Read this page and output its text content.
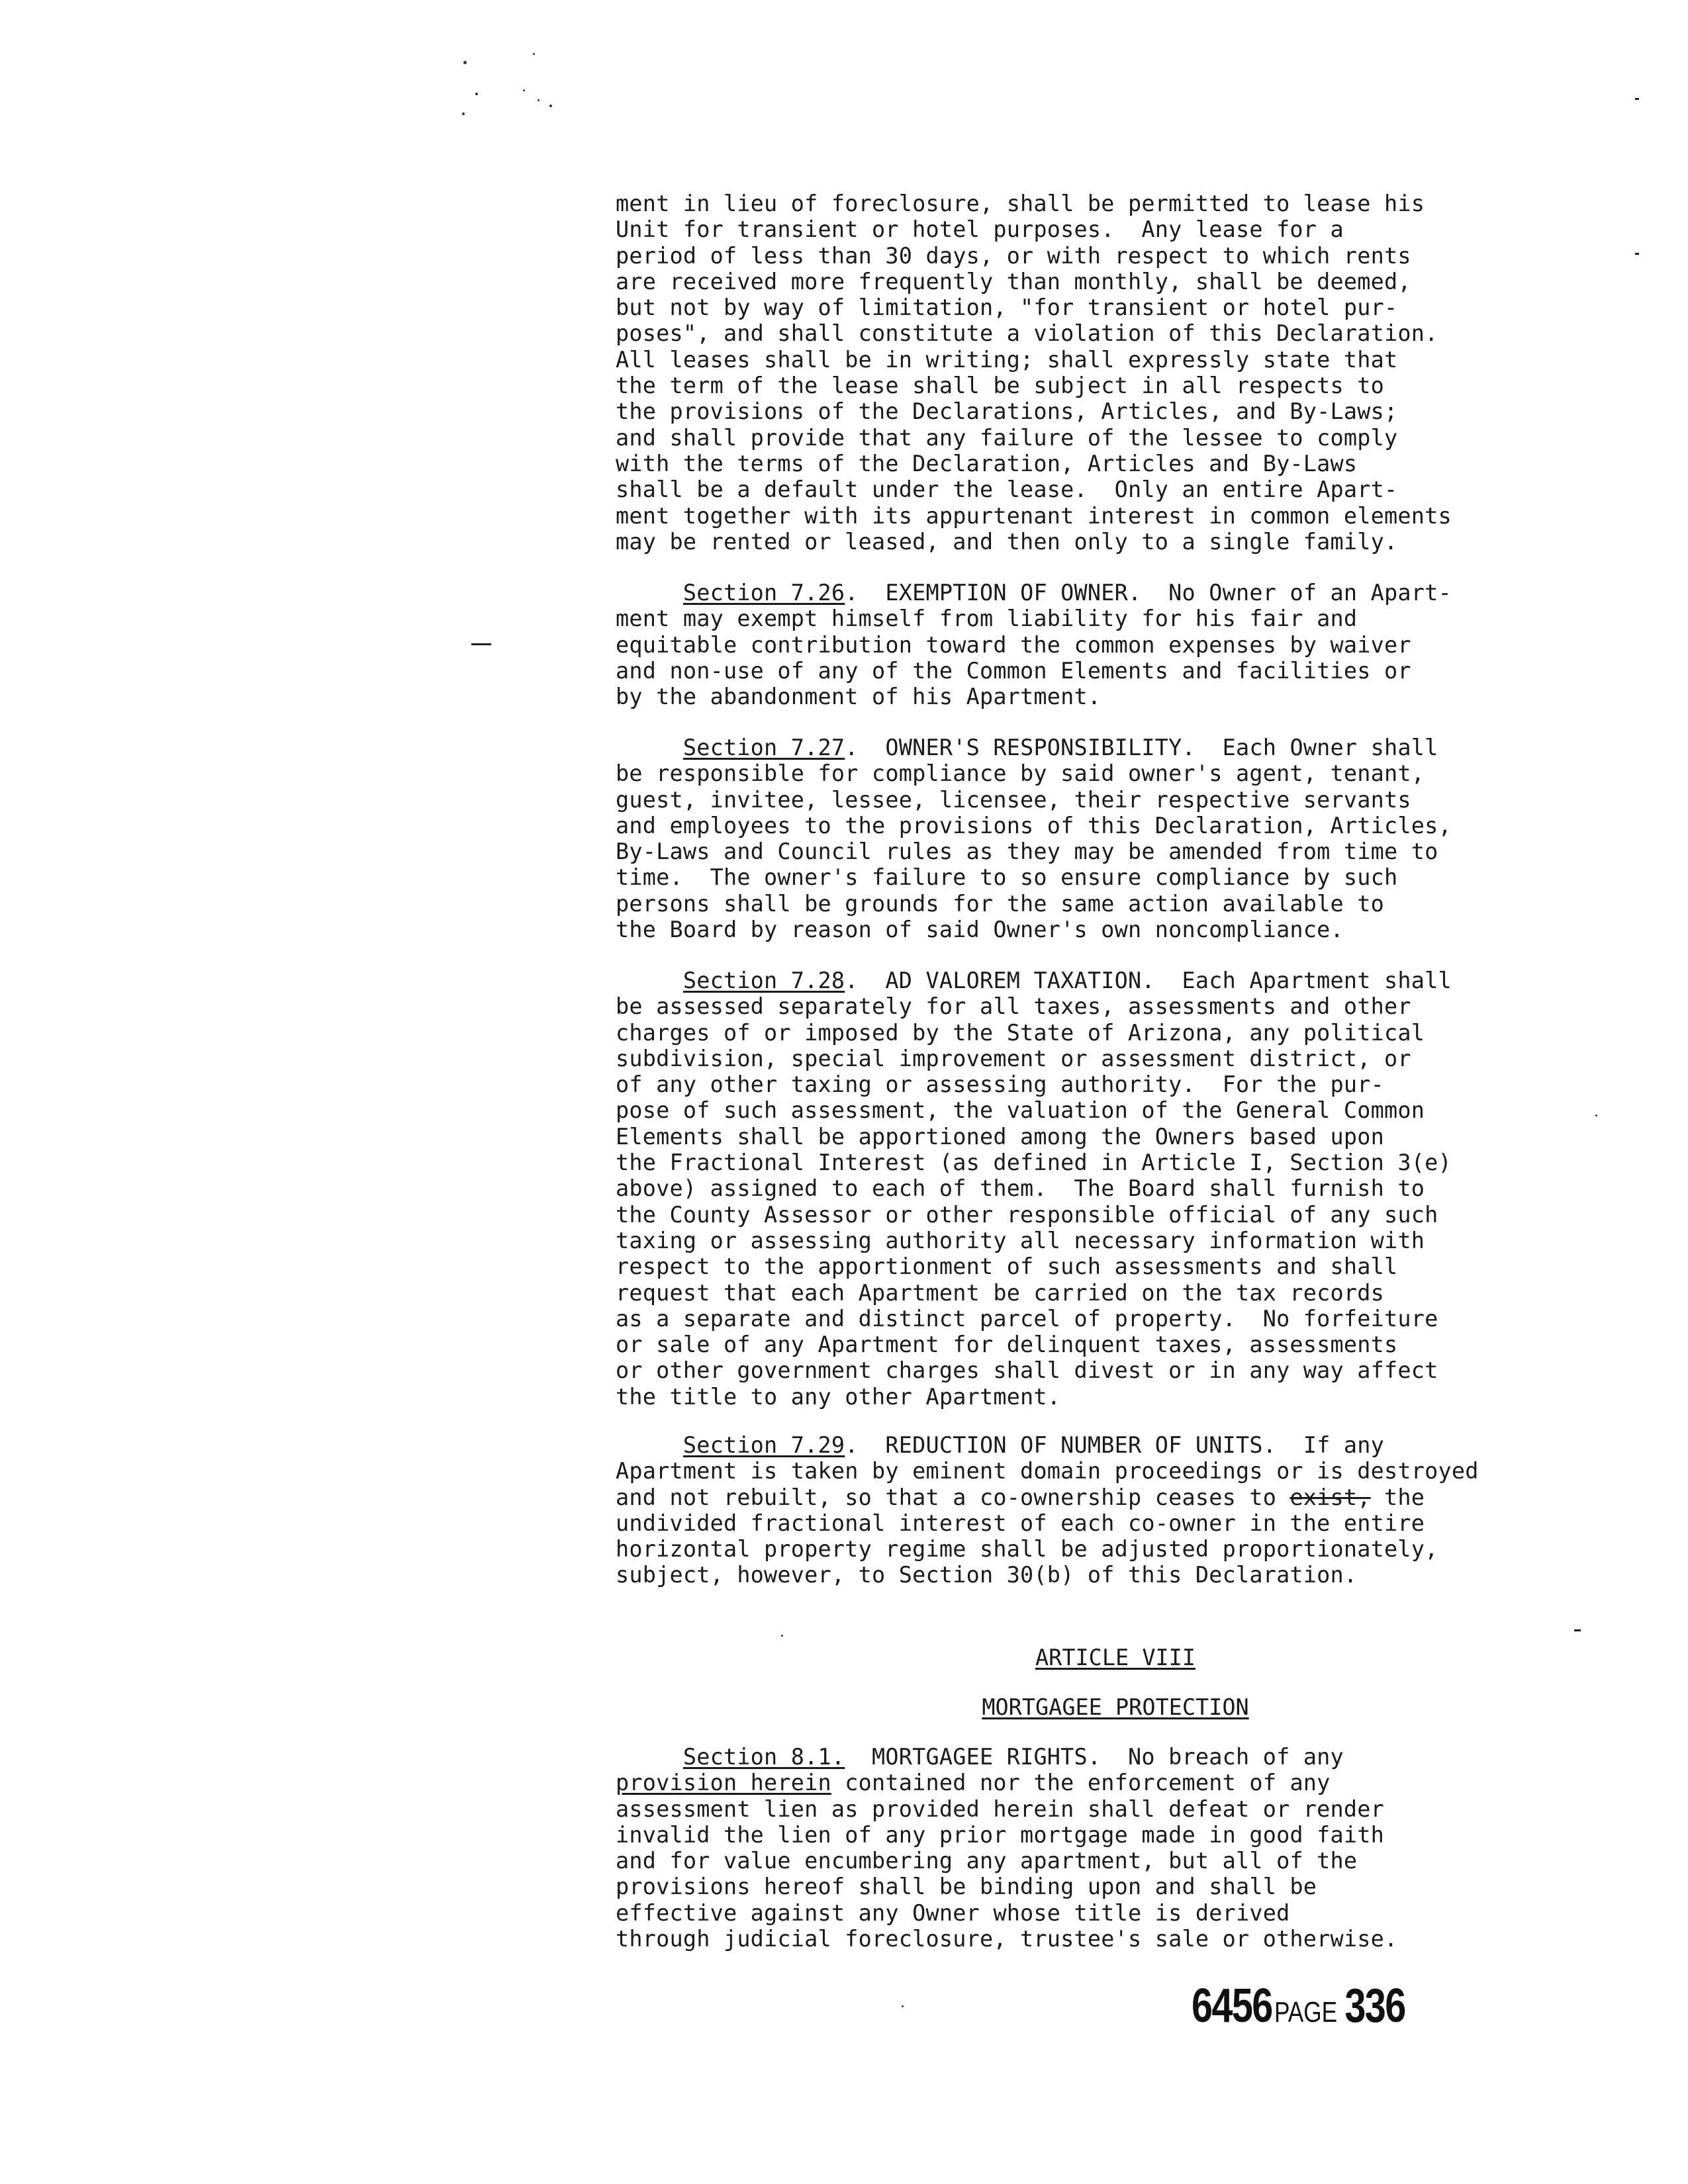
ment in lieu of foreclosure, shall be permitted to lease his
Unit for transient or hotel purposes.  Any lease for a
period of less than 30 days, or with respect to which rents
are received more frequently than monthly, shall be deemed,
but not by way of limitation, "for transient or hotel pur-
poses", and shall constitute a violation of this Declaration.
All leases shall be in writing; shall expressly state that
the term of the lease shall be subject in all respects to
the provisions of the Declarations, Articles, and By-Laws;
and shall provide that any failure of the lessee to comply
with the terms of the Declaration, Articles and By-Laws
shall be a default under the lease.  Only an entire Apart-
ment together with its appurtenant interest in common elements
may be rented or leased, and then only to a single family.
Section 7.26.  EXEMPTION OF OWNER.  No Owner of an Apart-
ment may exempt himself from liability for his fair and
equitable contribution toward the common expenses by waiver
and non-use of any of the Common Elements and facilities or
by the abandonment of his Apartment.
Section 7.27.  OWNER'S RESPONSIBILITY.  Each Owner shall
be responsible for compliance by said owner's agent, tenant,
guest, invitee, lessee, licensee, their respective servants
and employees to the provisions of this Declaration, Articles,
By-Laws and Council rules as they may be amended from time to
time.  The owner's failure to so ensure compliance by such
persons shall be grounds for the same action available to
the Board by reason of said Owner's own noncompliance.
Section 7.28.  AD VALOREM TAXATION.  Each Apartment shall
be assessed separately for all taxes, assessments and other
charges of or imposed by the State of Arizona, any political
subdivision, special improvement or assessment district, or
of any other taxing or assessing authority.  For the pur-
pose of such assessment, the valuation of the General Common
Elements shall be apportioned among the Owners based upon
the Fractional Interest (as defined in Article I, Section 3(e)
above) assigned to each of them.  The Board shall furnish to
the County Assessor or other responsible official of any such
taxing or assessing authority all necessary information with
respect to the apportionment of such assessments and shall
request that each Apartment be carried on the tax records
as a separate and distinct parcel of property.  No forfeiture
or sale of any Apartment for delinquent taxes, assessments
or other government charges shall divest or in any way affect
the title to any other Apartment.
Section 7.29.  REDUCTION OF NUMBER OF UNITS.  If any
Apartment is taken by eminent domain proceedings or is destroyed
and not rebuilt, so that a co-ownership ceases to exist, the
undivided fractional interest of each co-owner in the entire
horizontal property regime shall be adjusted proportionately,
subject, however, to Section 30(b) of this Declaration.
ARTICLE VIII
MORTGAGEE PROTECTION
Section 8.1.  MORTGAGEE RIGHTS.  No breach of any
provision herein contained nor the enforcement of any
assessment lien as provided herein shall defeat or render
invalid the lien of any prior mortgage made in good faith
and for value encumbering any apartment, but all of the
provisions hereof shall be binding upon and shall be
effective against any Owner whose title is derived
through judicial foreclosure, trustee's sale or otherwise.
6456PAGE 336
